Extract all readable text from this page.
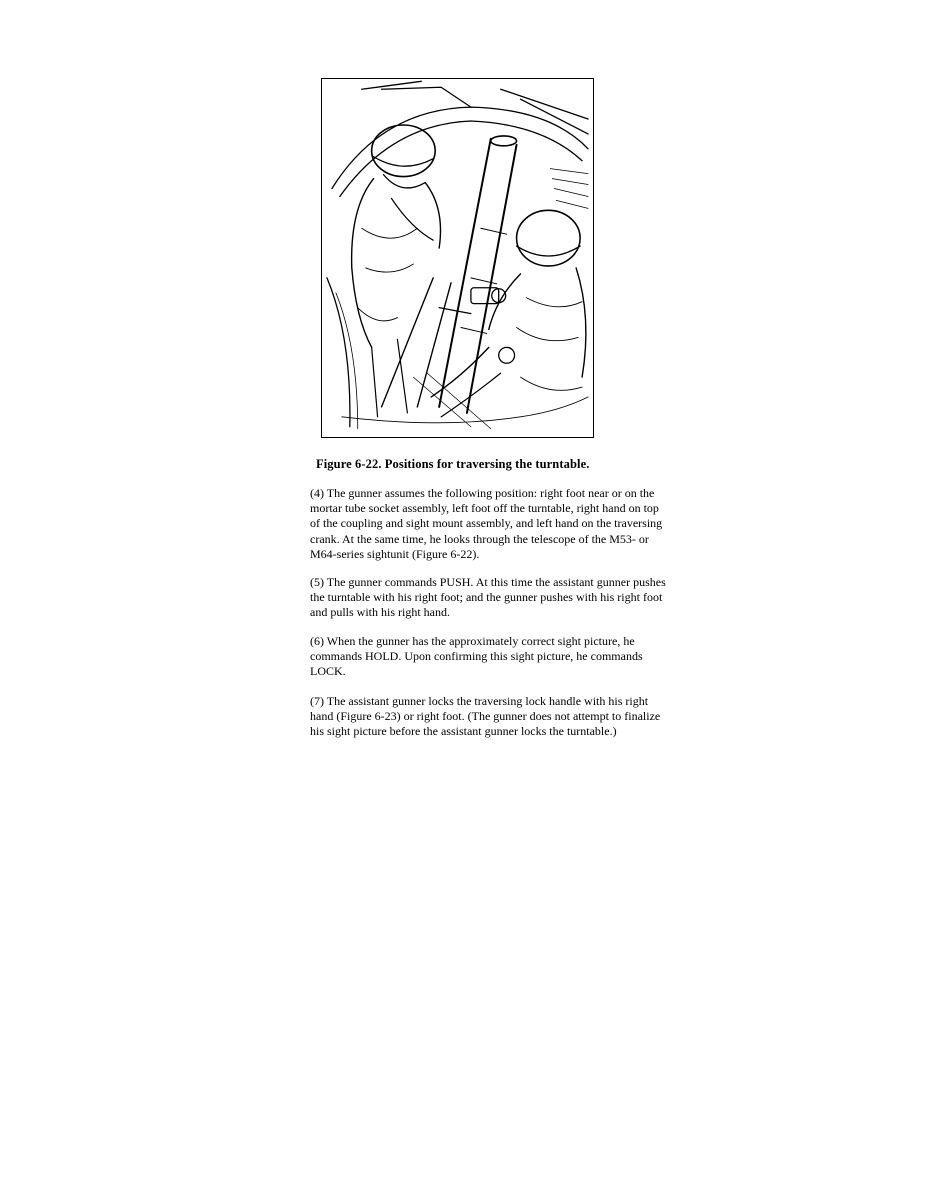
Figure 6-22. Positions for traversing the turntable.

(4) The gunner assumes the following position: right foot near or on the
mortar tube socket assembly, left foot off the turntable, right hand on top
of the coupling and sight mount assembly, and left hand on the traversing
crank. At the same time, he looks through the telescope of the M53- or
M64-series sightunit (Figure 6-22).

(5) The gunner commands PUSH. At this time the assistant gunner pushes
the turntable with his right foot; and the gunner pushes with his right foot
and pulls with his right hand.

(6) When the gunner has the approximately correct sight picture, he
commands HOLD. Upon confirming this sight picture, he commands
LOCK.

(7) The assistant gunner locks the traversing lock handle with his right
hand (Figure 6-23) or right foot. (The gunner does not attempt to finalize
his sight picture before the assistant gunner locks the turntable.)
